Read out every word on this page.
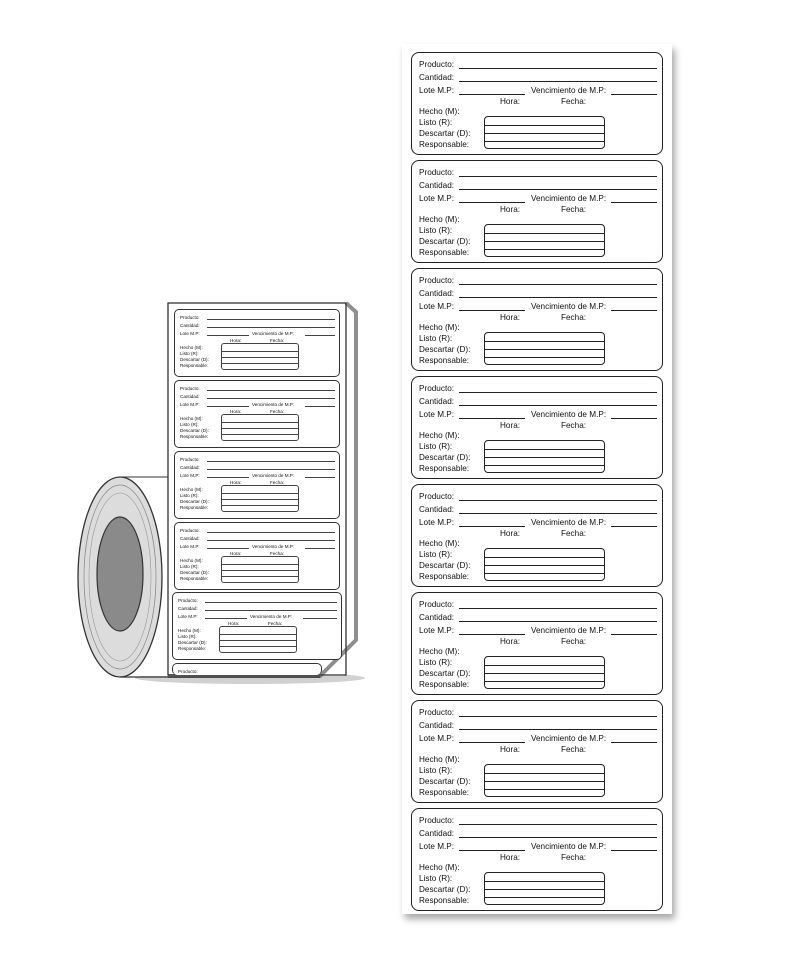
Producto:
Cantidad:
Lote M.P:	Vencimiento de M.P:
Hora:	Fecha:
Hecho (M):
Listo (R):
Descartar (D):
Responsable:
Producto:
Cantidad:
Lote M.P:	Vencimiento de M.P:
Hora:	Fecha:
Hecho (M):
Listo (R):
Descartar (D):
Responsable:
Producto:
Cantidad:
Lote M.P:	Vencimiento de M.P:
Hora:	Fecha:
Hecho (M):
Listo (R):
Descartar (D):
Responsable:
Producto:
Cantidad:
Lote M.P:	Vencimiento de M.P:
Hora:	Fecha:
Hecho (M):
Listo (R):
Descartar (D):
Responsable:
Producto:
Cantidad:
Lote M.P:	Vencimiento de M.P:
Hora:	Fecha:
Hecho (M):
Listo (R):
Descartar (D):
Responsable:
Producto:
Producto:
Cantidad:
Lote M.P:	Vencimiento de M.P:
Hora:	Fecha:
Hecho (M):
Listo (R):
Descartar (D):
Responsable:
Producto:
Cantidad:
Lote M.P:	Vencimiento de M.P:
Hora:	Fecha:
Hecho (M):
Listo (R):
Descartar (D):
Responsable:
Producto:
Cantidad:
Lote M.P:	Vencimiento de M.P:
Hora:	Fecha:
Hecho (M):
Listo (R):
Descartar (D):
Responsable:
Producto:
Cantidad:
Lote M.P:	Vencimiento de M.P:
Hora:	Fecha:
Hecho (M):
Listo (R):
Descartar (D):
Responsable:
Producto:
Cantidad:
Lote M.P:	Vencimiento de M.P:
Hora:	Fecha:
Hecho (M):
Listo (R):
Descartar (D):
Responsable:
Producto:
Cantidad:
Lote M.P:	Vencimiento de M.P:
Hora:	Fecha:
Hecho (M):
Listo (R):
Descartar (D):
Responsable:
Producto:
Cantidad:
Lote M.P:	Vencimiento de M.P:
Hora:	Fecha:
Hecho (M):
Listo (R):
Descartar (D):
Responsable:
Producto:
Cantidad:
Lote M.P:	Vencimiento de M.P:
Hora:	Fecha:
Hecho (M):
Listo (R):
Descartar (D):
Responsable:
